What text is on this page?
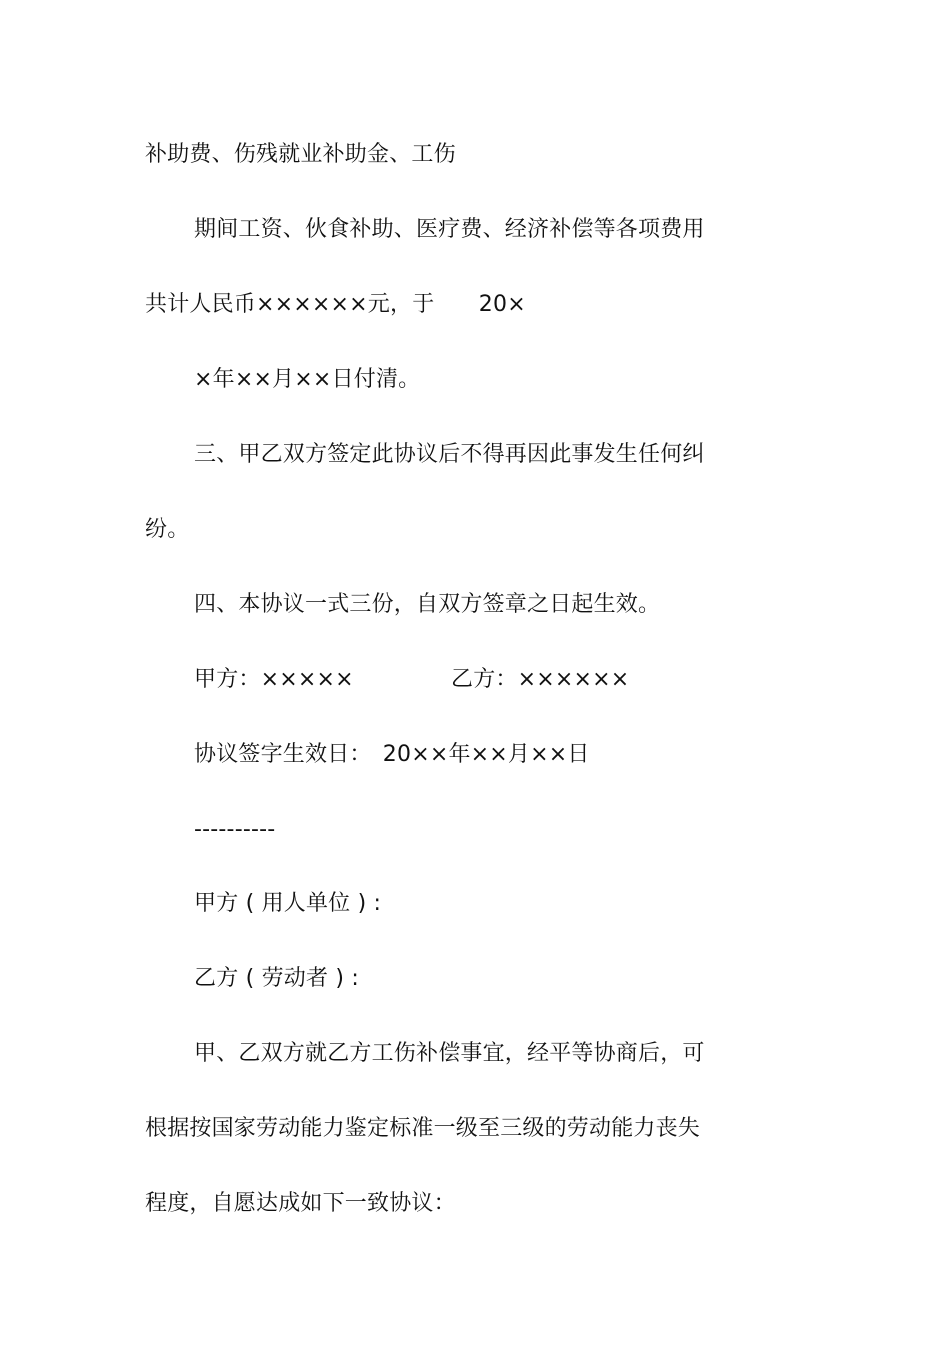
补助费、伤残就业补助金、工伤
期间工资、伙食补助、医疗费、经济补偿等各项费用
共计人民币××××××元，于　　20×
×年××月××日付清。
三、甲乙双方签定此协议后不得再因此事发生任何纠
纷。
四、本协议一式三份，自双方签章之日起生效。
甲方：×××××	乙方：××××××
协议签字生效日：　20××年××月××日
----------
甲方 ( 用人单位 ) :
乙方 ( 劳动者 ) :
甲、乙双方就乙方工伤补偿事宜，经平等协商后，可
根据按国家劳动能力鉴定标准一级至三级的劳动能力丧失
程度，自愿达成如下一致协议：
